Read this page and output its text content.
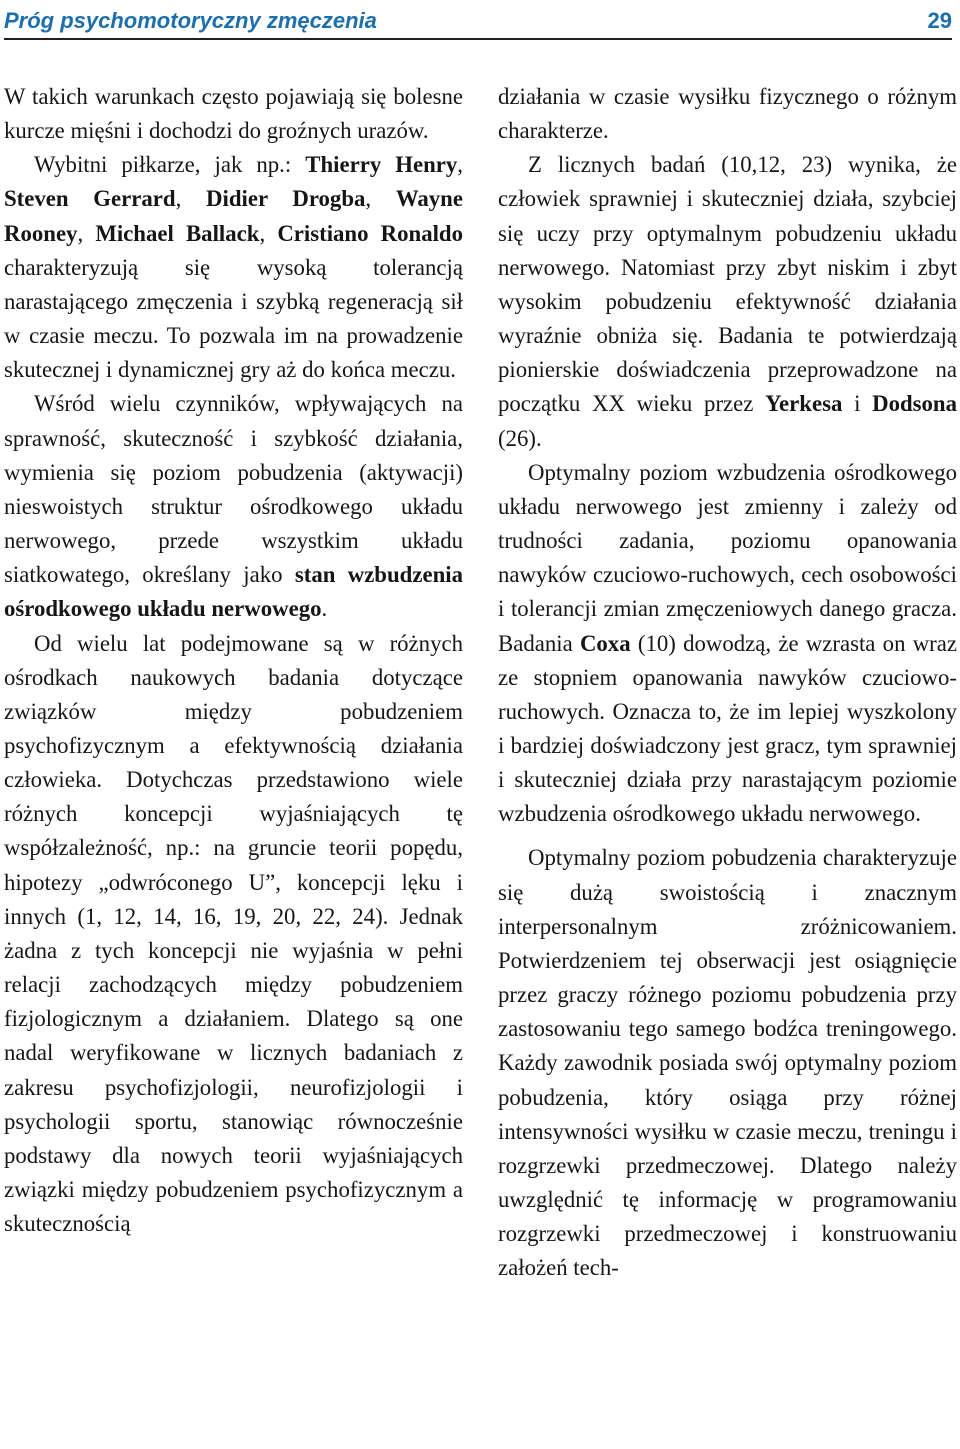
Próg psychomotoryczny zmęczenia	29

W takich warunkach często pojawiają się bolesne kurcze mięśni i dochodzi do groźnych urazów.

Wybitni piłkarze, jak np.: Thierry Henry, Steven Gerrard, Didier Drogba, Wayne Rooney, Michael Ballack, Cristiano Ronaldo charakteryzują się wysoką tolerancją narastającego zmęczenia i szybką regeneracją sił w czasie meczu. To pozwala im na prowadzenie skutecznej i dynamicznej gry aż do końca meczu.

Wśród wielu czynników, wpływających na sprawność, skuteczność i szybkość działania, wymienia się poziom pobudzenia (aktywacji) nieswoistych struktur ośrodkowego układu nerwowego, przede wszystkim układu siatkowatego, określany jako stan wzbudzenia ośrodkowego układu nerwowego.

Od wielu lat podejmowane są w różnych ośrodkach naukowych badania dotyczące związków między pobudzeniem psychofizycznym a efektywnością działania człowieka. Dotychczas przedstawiono wiele różnych koncepcji wyjaśniających tę współzależność, np.: na gruncie teorii popędu, hipotezy „odwróconego U”, koncepcji lęku i innych (1, 12, 14, 16, 19, 20, 22, 24). Jednak żadna z tych koncepcji nie wyjaśnia w pełni relacji zachodzących między pobudzeniem fizjologicznym a działaniem. Dlatego są one nadal weryfikowane w licznych badaniach z zakresu psychofizjologii, neurofizjologii i psychologii sportu, stanowiąc równocześnie podstawy dla nowych teorii wyjaśniających związki między pobudzeniem psychofizycznym a skutecznością

działania w czasie wysiłku fizycznego o różnym charakterze.

Z licznych badań (10,12, 23) wynika, że człowiek sprawniej i skuteczniej działa, szybciej się uczy przy optymalnym pobudzeniu układu nerwowego. Natomiast przy zbyt niskim i zbyt wysokim pobudzeniu efektywność działania wyraźnie obniża się. Badania te potwierdzają pionierskie doświadczenia przeprowadzone na początku XX wieku przez Yerkesa i Dodsona (26).

Optymalny poziom wzbudzenia ośrodkowego układu nerwowego jest zmienny i zależy od trudności zadania, poziomu opanowania nawyków czuciowo-ruchowych, cech osobowości i tolerancji zmian zmęczeniowych danego gracza. Badania Coxa (10) dowodzą, że wzrasta on wraz ze stopniem opanowania nawyków czuciowo-ruchowych. Oznacza to, że im lepiej wyszkolony i bardziej doświadczony jest gracz, tym sprawniej i skuteczniej działa przy narastającym poziomie wzbudzenia ośrodkowego układu nerwowego.

Optymalny poziom pobudzenia charakteryzuje się dużą swoistością i znacznym interpersonalnym zróżnicowaniem. Potwierdzeniem tej obserwacji jest osiągnięcie przez graczy różnego poziomu pobudzenia przy zastosowaniu tego samego bodźca treningowego. Każdy zawodnik posiada swój optymalny poziom pobudzenia, który osiąga przy różnej intensywności wysiłku w czasie meczu, treningu i rozgrzewki przedmeczowej. Dlatego należy uwzględnić tę informację w programowaniu rozgrzewki przedmeczowej i konstruowaniu założeń tech-
